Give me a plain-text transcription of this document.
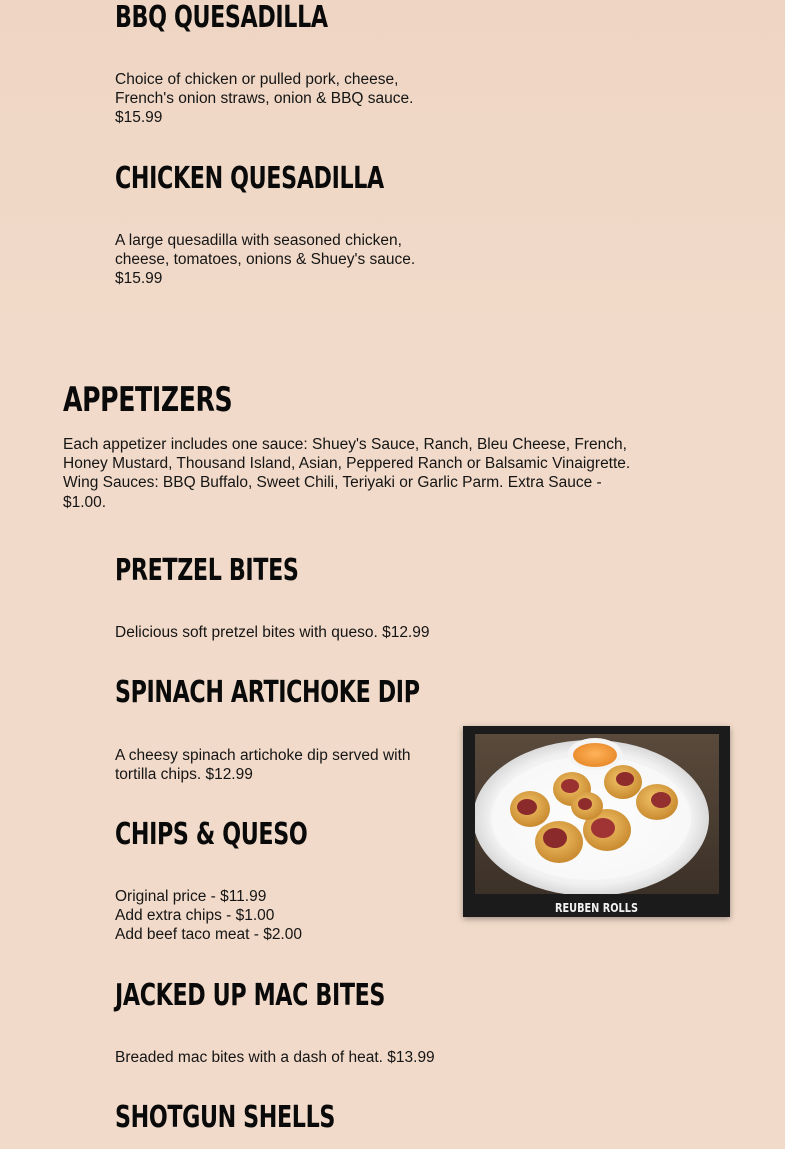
BBQ QUESADILLA
Choice of chicken or pulled pork, cheese,
French's onion straws, onion & BBQ sauce.
$15.99
CHICKEN QUESADILLA
A large quesadilla with seasoned chicken,
cheese, tomatoes, onions & Shuey's sauce.
$15.99
APPETIZERS
Each appetizer includes one sauce: Shuey's Sauce, Ranch, Bleu Cheese, French,
Honey Mustard, Thousand Island, Asian, Peppered Ranch or Balsamic Vinaigrette.
Wing Sauces: BBQ Buffalo, Sweet Chili, Teriyaki or Garlic Parm. Extra Sauce -
$1.00.
PRETZEL BITES
Delicious soft pretzel bites with queso. $12.99
SPINACH ARTICHOKE DIP
A cheesy spinach artichoke dip served with
tortilla chips. $12.99
CHIPS & QUESO
Original price - $11.99
Add extra chips - $1.00
Add beef taco meat - $2.00
JACKED UP MAC BITES
Breaded mac bites with a dash of heat. $13.99
SHOTGUN SHELLS
REUBEN ROLLS
